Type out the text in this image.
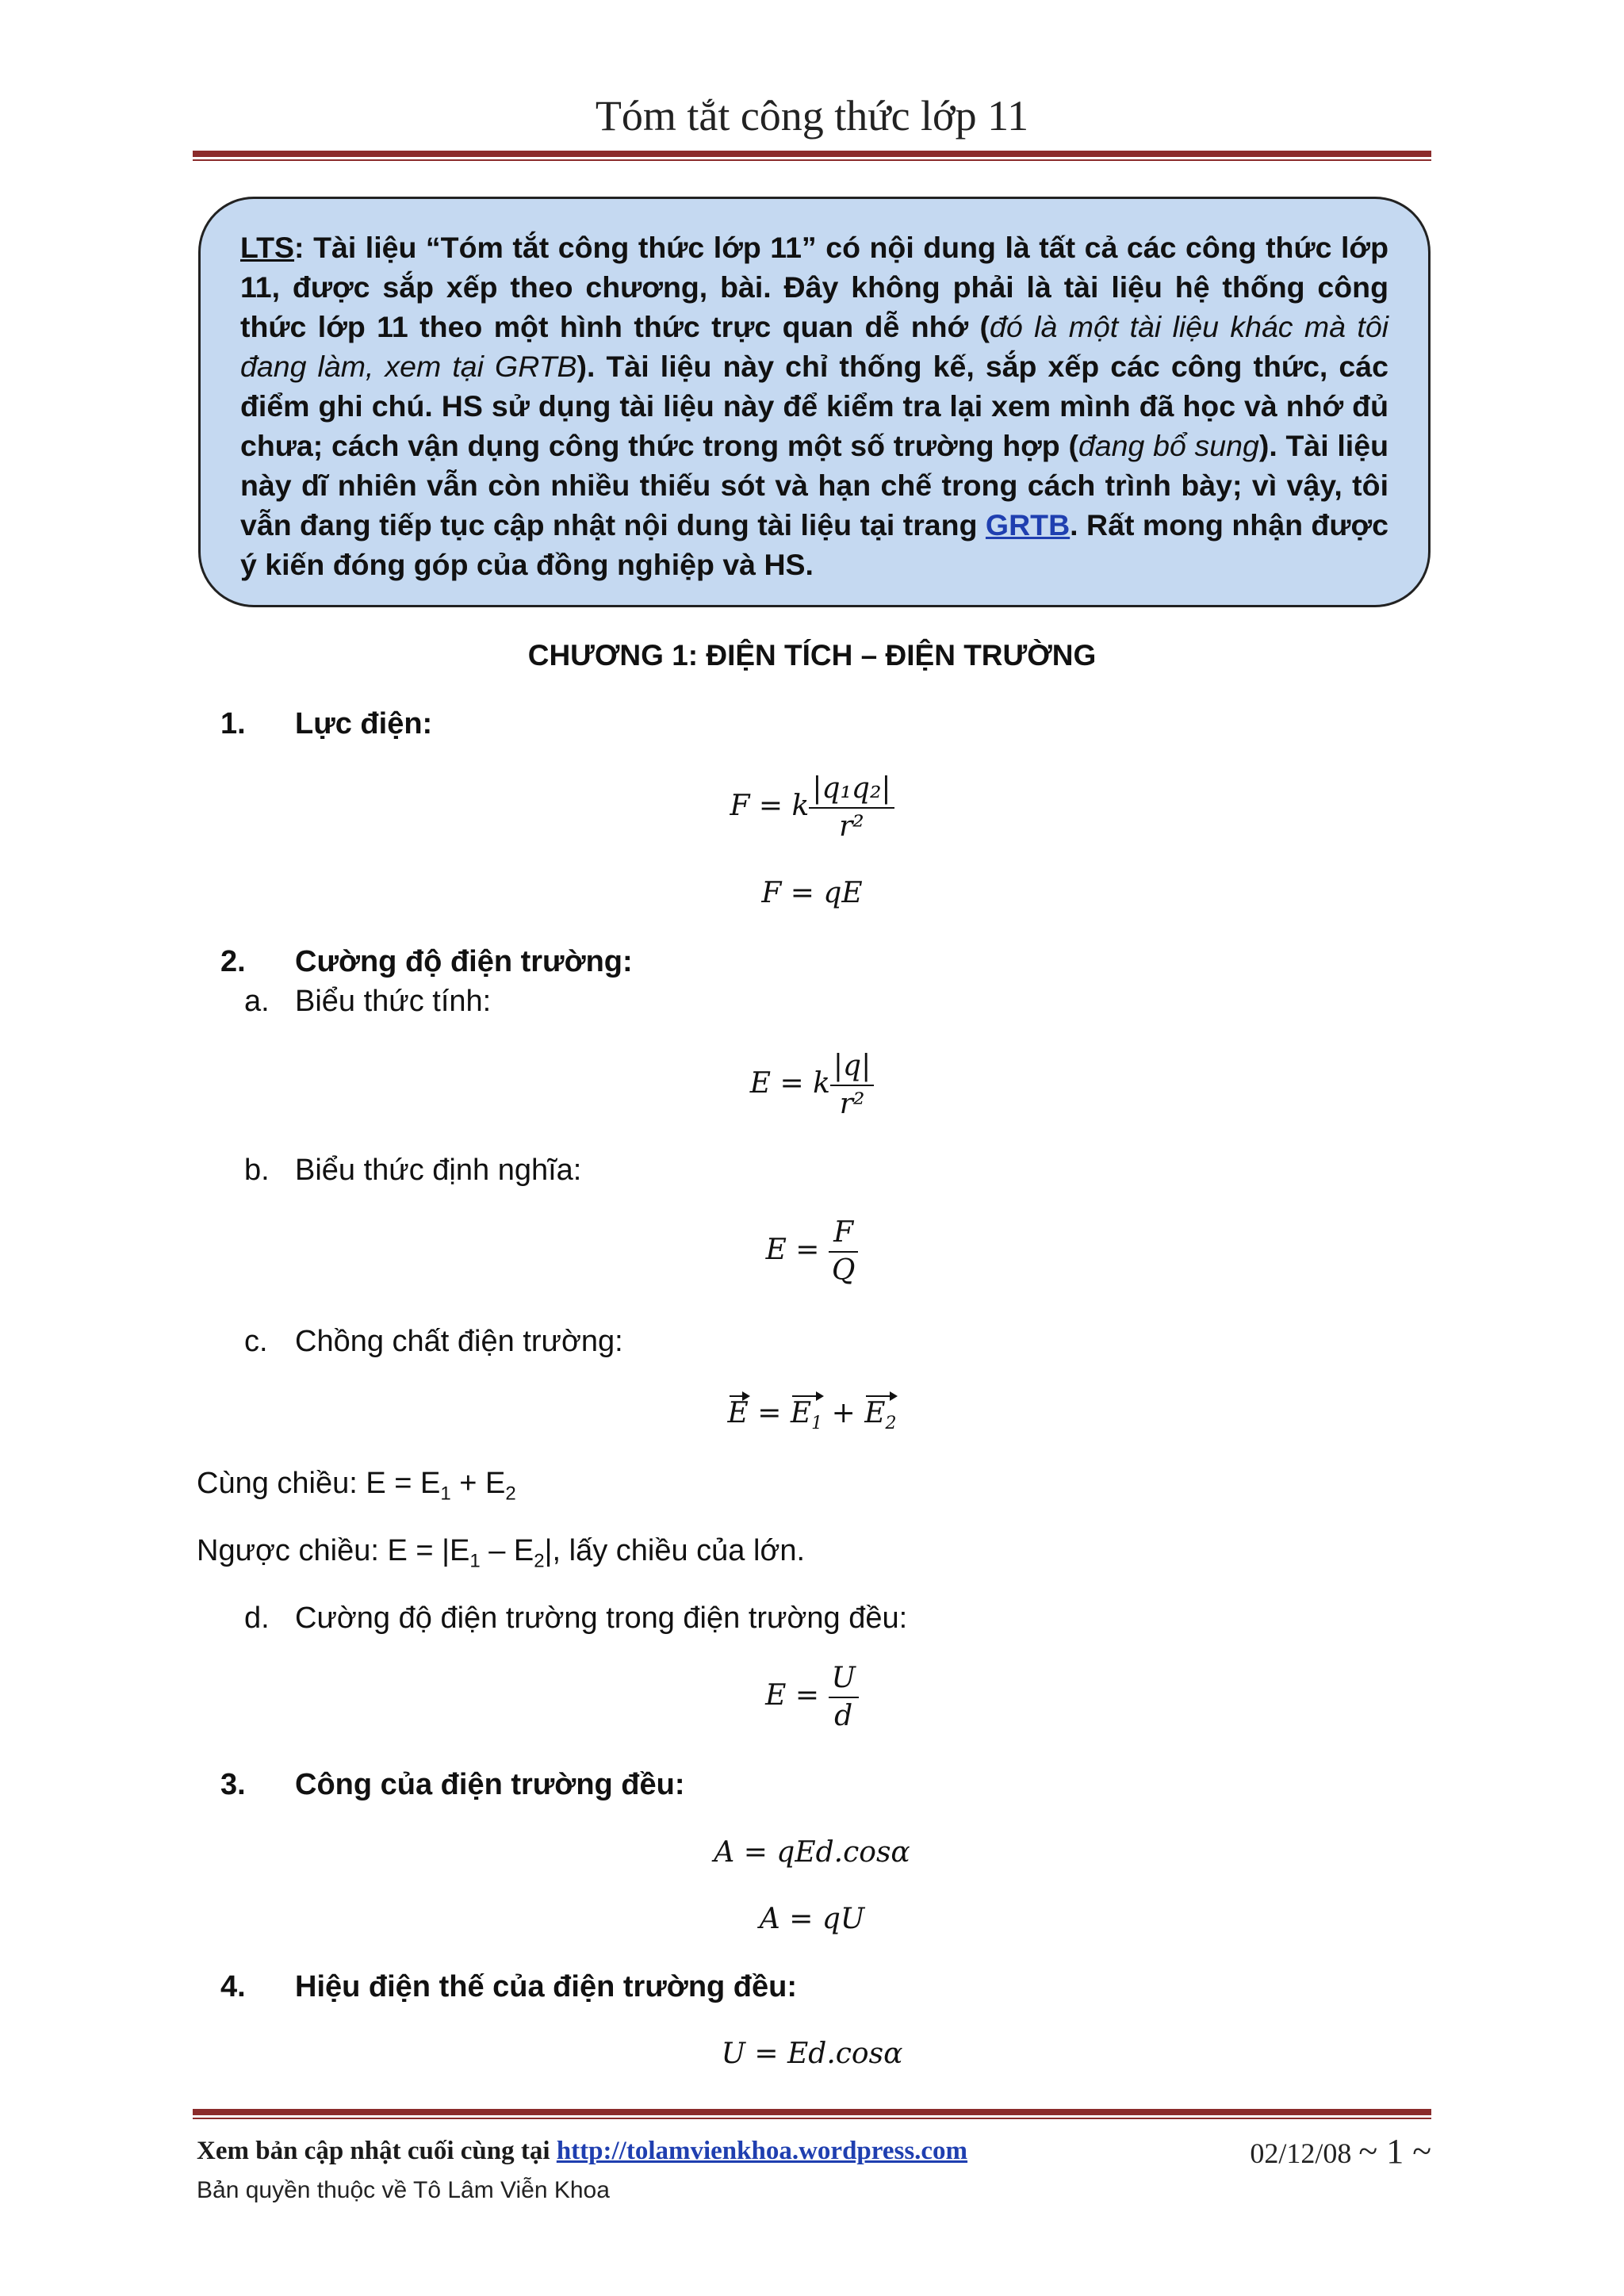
Tóm tắt công thức lớp 11

LTS: Tài liệu “Tóm tắt công thức lớp 11” có nội dung là tất cả các công thức lớp 11, được sắp xếp theo chương, bài. Đây không phải là tài liệu hệ thống công thức lớp 11 theo một hình thức trực quan dễ nhớ (đó là một tài liệu khác mà tôi đang làm, xem tại GRTB). Tài liệu này chỉ thống kế, sắp xếp các công thức, các điểm ghi chú. HS sử dụng tài liệu này để kiểm tra lại xem mình đã học và nhớ đủ chưa; cách vận dụng công thức trong một số trường hợp (đang bổ sung). Tài liệu này dĩ nhiên vẫn còn nhiều thiếu sót và hạn chế trong cách trình bày; vì vậy, tôi vẫn đang tiếp tục cập nhật nội dung tài liệu tại trang GRTB. Rất mong nhận được ý kiến đóng góp của đồng nghiệp và HS.

CHƯƠNG 1: ĐIỆN TÍCH – ĐIỆN TRƯỜNG
1. Lực điện:
F = k $\frac{\text{|q₁q₂|}}{\text{r²}}$
F = qE
2. Cường độ điện trường:
a. Biểu thức tính:
E = k $\frac{|q|}{\text{r²}}$
b. Biểu thức định nghĩa:
$E = \frac{F}{Q}$
c. Chồng chất điện trường:
$E = E_1 + E_2$
Cùng chiều: $E = E_1 + E_2$
Ngược chiều: $E = |E_1 - E_2|$, lấy chiều của lớn.
d. Cường độ điện trường trong điện trường đều:
$E = \frac{U}{d}$
3. Công của điện trường đều:
A = qEd.cosα
A = qU
4. Hiệu điện thế của điện trường đều:
U = Ed.cosα
Xem bản cập nhật cuối cùng tại http://tolamvienkhoa.wordpress.com	02/12/08 ~ 1 ~
Bản quyền thuộc về Tô Lâm Viễn Khoa
